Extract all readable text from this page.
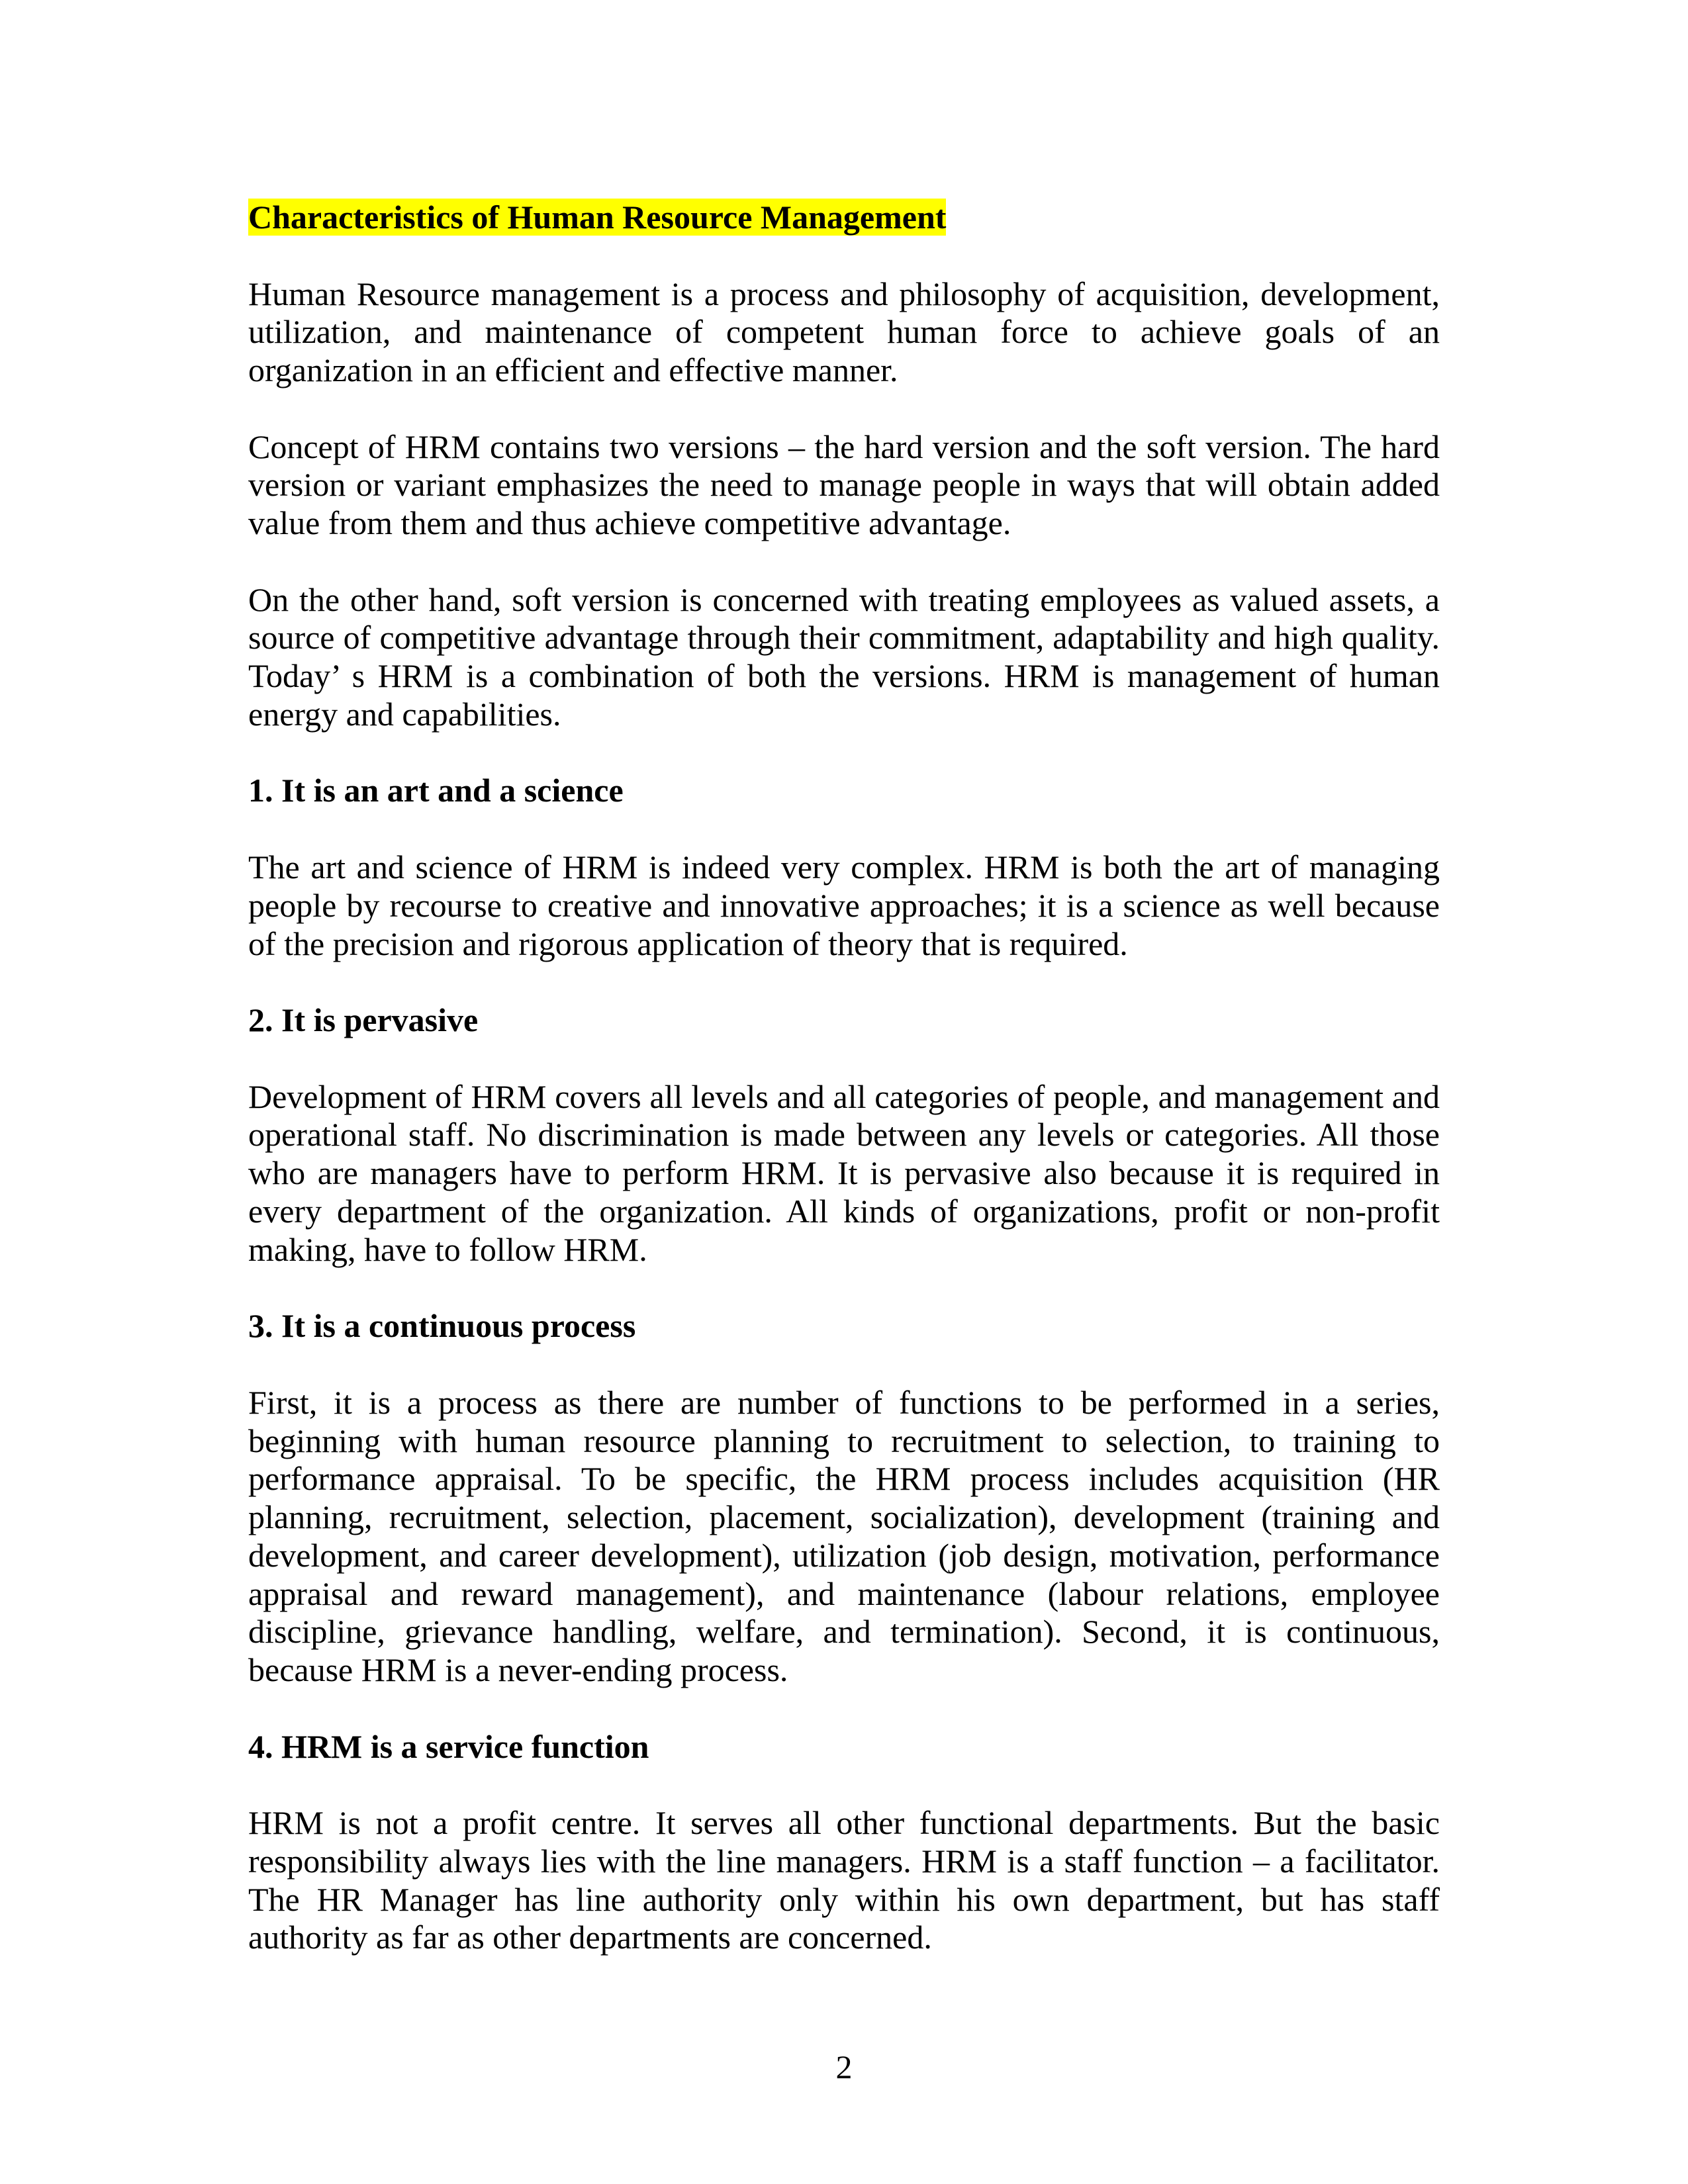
Characteristics of Human Resource Management
Human Resource management is a process and philosophy of acquisition, development,
utilization, and maintenance of competent human force to achieve goals of an
organization in an efficient and effective manner.
Concept of HRM contains two versions – the hard version and the soft version. The hard
version or variant emphasizes the need to manage people in ways that will obtain added
value from them and thus achieve competitive advantage.
On the other hand, soft version is concerned with treating employees as valued assets, a
source of competitive advantage through their commitment, adaptability and high quality.
Today’ s HRM is a combination of both the versions. HRM is management of human
energy and capabilities.
1. It is an art and a science
The art and science of HRM is indeed very complex. HRM is both the art of managing
people by recourse to creative and innovative approaches; it is a science as well because
of the precision and rigorous application of theory that is required.
2. It is pervasive
Development of HRM covers all levels and all categories of people, and management and
operational staff. No discrimination is made between any levels or categories. All those
who are managers have to perform HRM. It is pervasive also because it is required in
every department of the organization. All kinds of organizations, profit or non-profit
making, have to follow HRM.
3. It is a continuous process
First, it is a process as there are number of functions to be performed in a series,
beginning with human resource planning to recruitment to selection, to training to
performance appraisal. To be specific, the HRM process includes acquisition (HR
planning, recruitment, selection, placement, socialization), development (training and
development, and career development), utilization (job design, motivation, performance
appraisal and reward management), and maintenance (labour relations, employee
discipline, grievance handling, welfare, and termination). Second, it is continuous,
because HRM is a never-ending process.
4. HRM is a service function
HRM is not a profit centre. It serves all other functional departments. But the basic
responsibility always lies with the line managers. HRM is a staff function – a facilitator.
The HR Manager has line authority only within his own department, but has staff
authority as far as other departments are concerned.
2
